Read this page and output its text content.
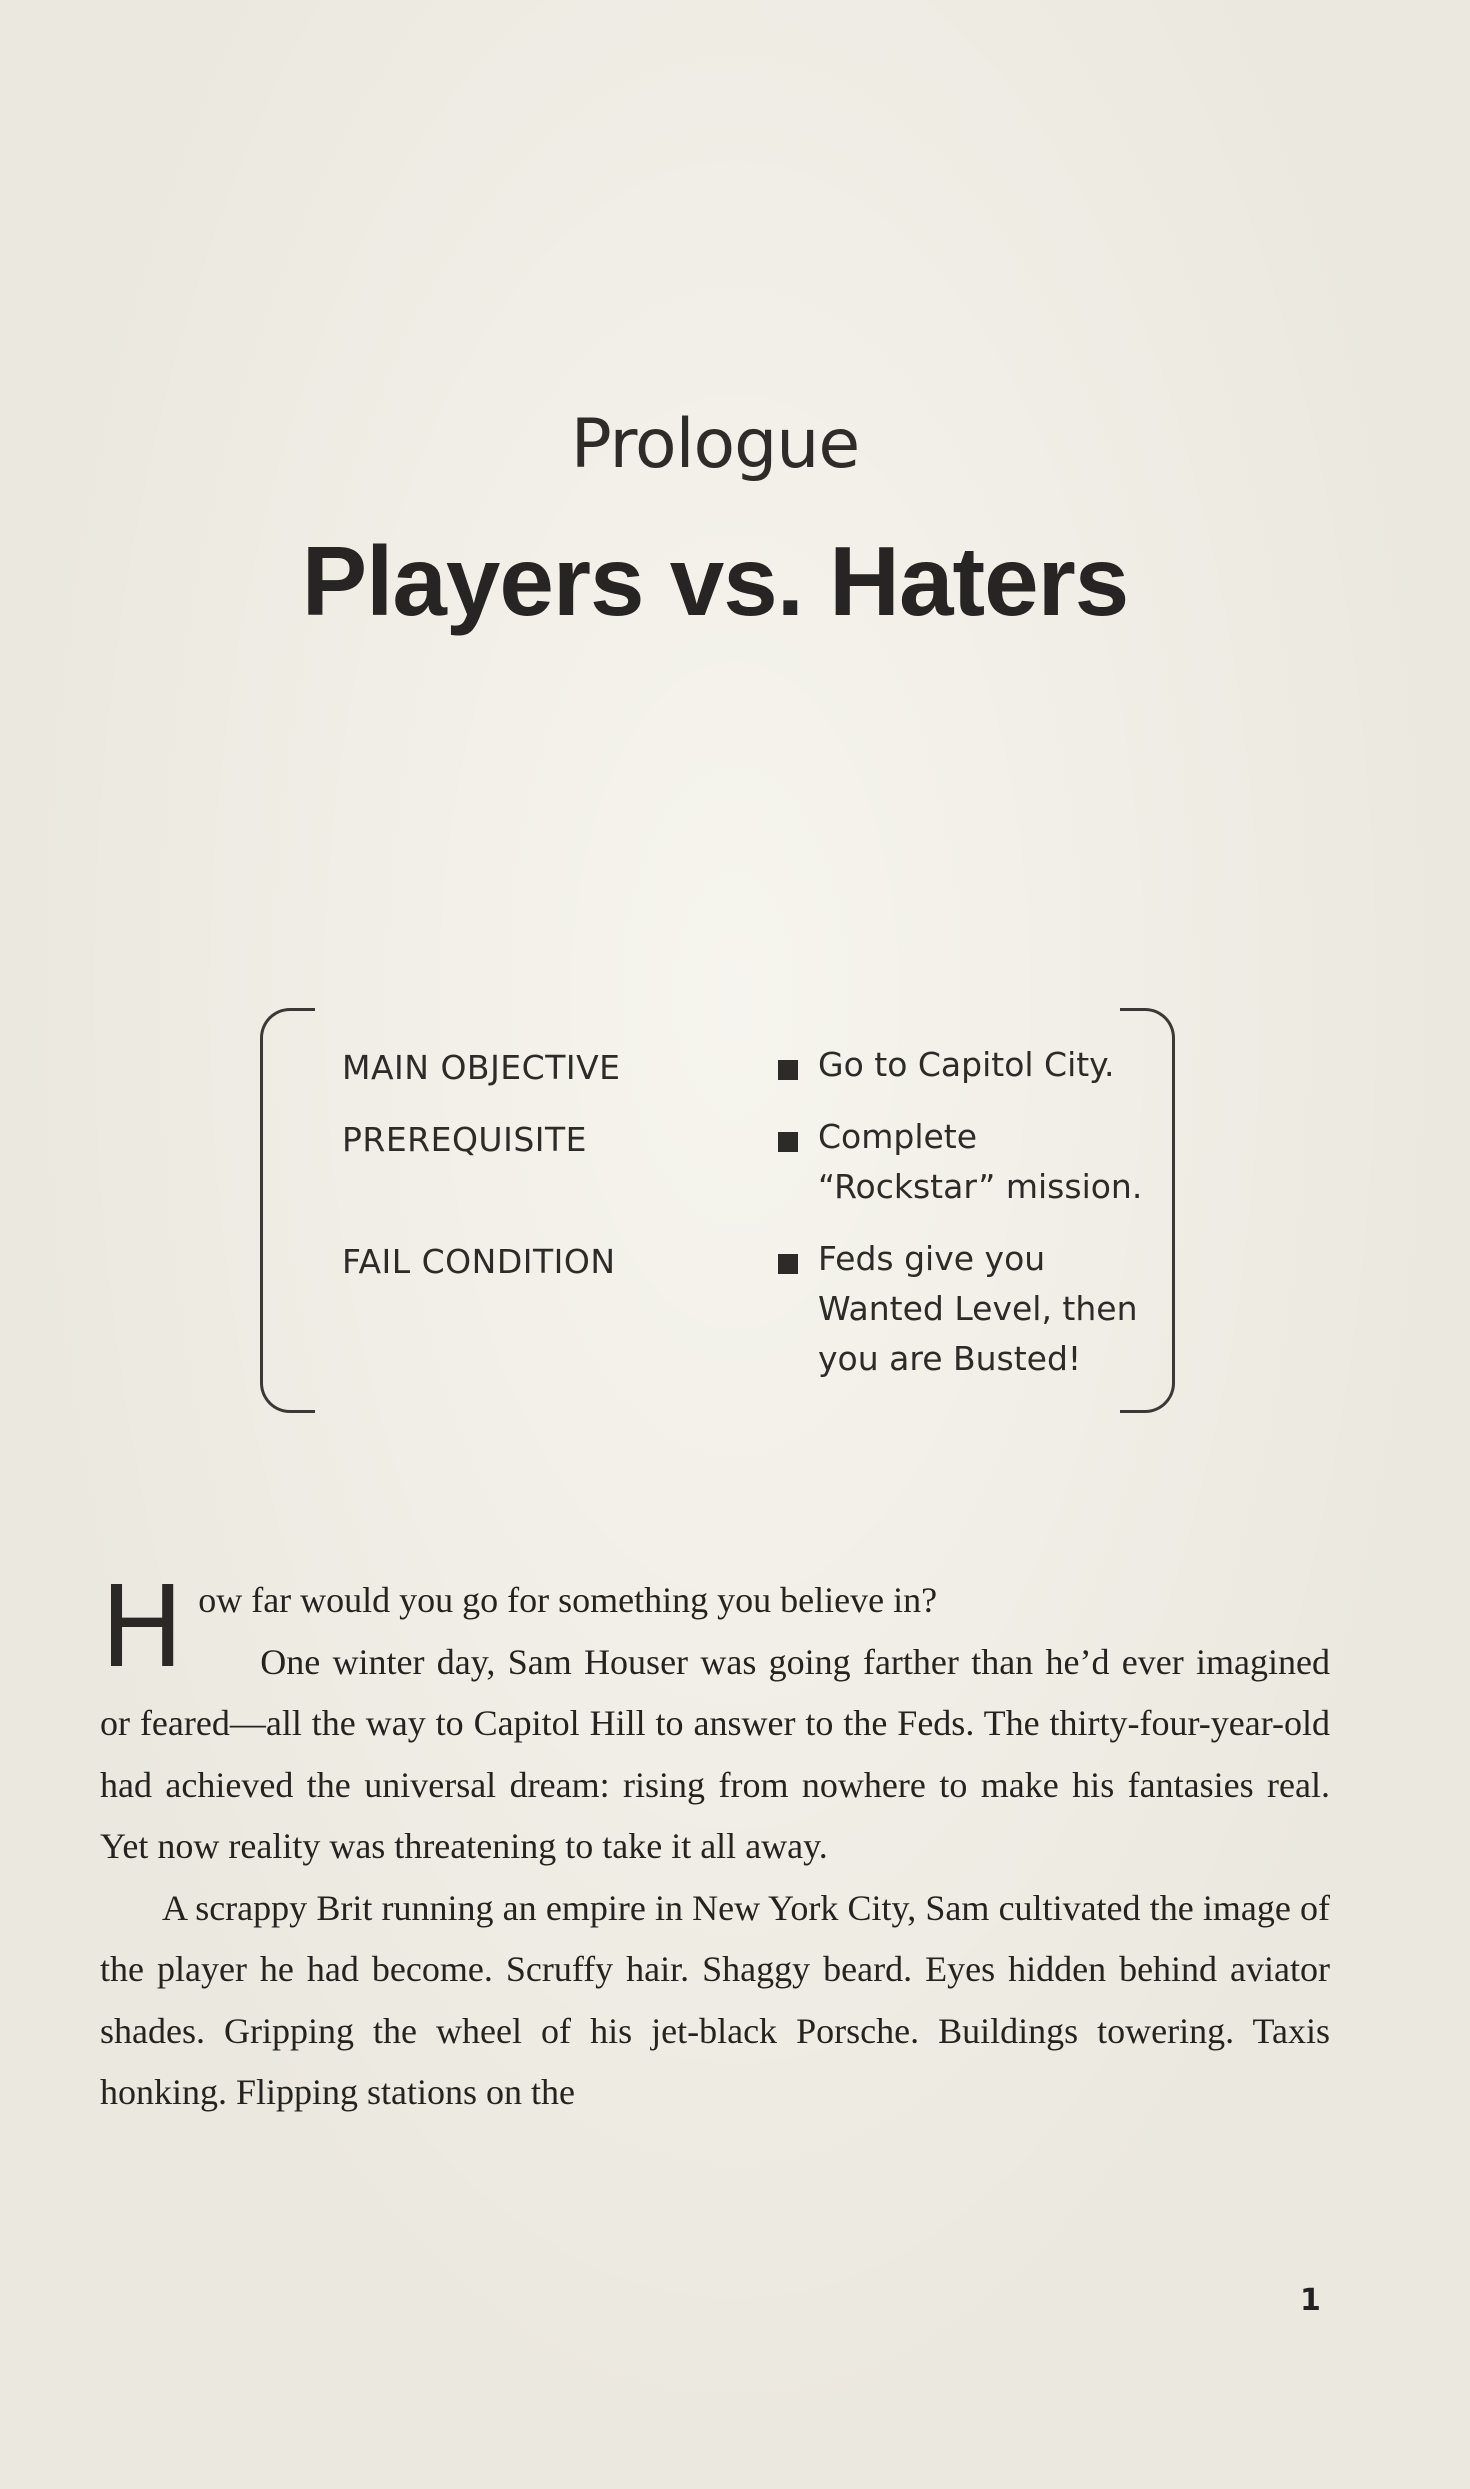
Prologue
Players vs. Haters
MAIN OBJECTIVE	Go to Capitol City.
PREREQUISITE	Complete “Rockstar” mission.
FAIL CONDITION	Feds give you Wanted Level, then you are Busted!

How far would you go for something you believe in?

One winter day, Sam Houser was going farther than he’d ever imagined or feared—all the way to Capitol Hill to answer to the Feds. The thirty-four-year-old had achieved the universal dream: rising from nowhere to make his fantasies real. Yet now reality was threatening to take it all away.

A scrappy Brit running an empire in New York City, Sam cultivated the image of the player he had become. Scruffy hair. Shaggy beard. Eyes hidden behind aviator shades. Gripping the wheel of his jet-black Porsche. Buildings towering. Taxis honking. Flipping stations on the

1
